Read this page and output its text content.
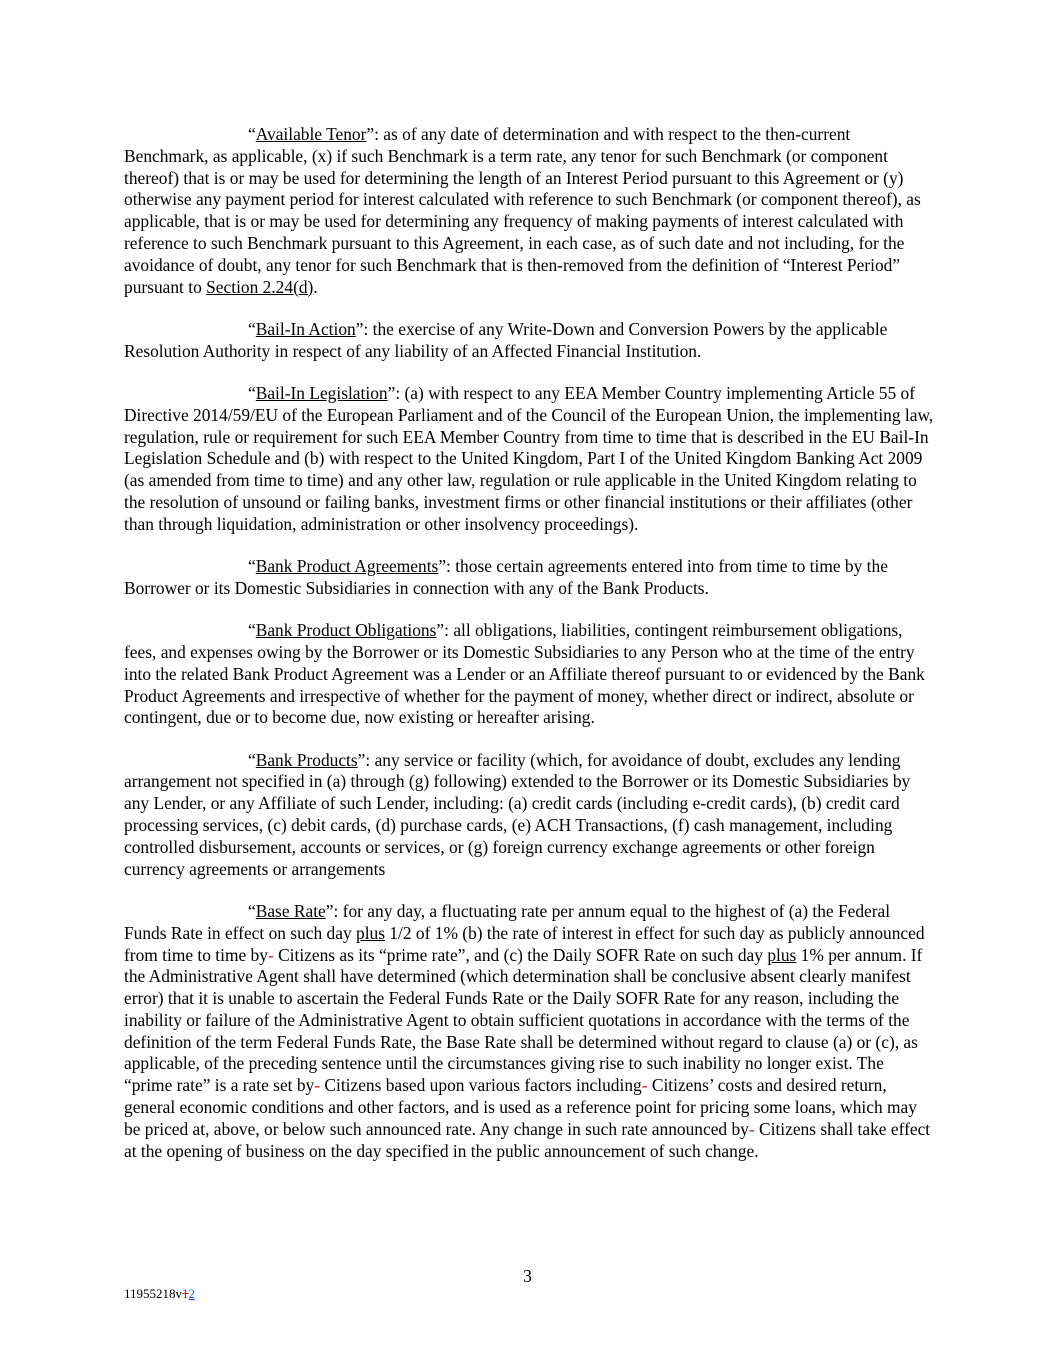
“Available Tenor”: as of any date of determination and with respect to the then-current Benchmark, as applicable, (x) if such Benchmark is a term rate, any tenor for such Benchmark (or component thereof) that is or may be used for determining the length of an Interest Period pursuant to this Agreement or (y) otherwise any payment period for interest calculated with reference to such Benchmark (or component thereof), as applicable, that is or may be used for determining any frequency of making payments of interest calculated with reference to such Benchmark pursuant to this Agreement, in each case, as of such date and not including, for the avoidance of doubt, any tenor for such Benchmark that is then-removed from the definition of “Interest Period” pursuant to Section 2.24(d).

“Bail-In Action”: the exercise of any Write-Down and Conversion Powers by the applicable Resolution Authority in respect of any liability of an Affected Financial Institution.

“Bail-In Legislation”: (a) with respect to any EEA Member Country implementing Article 55 of Directive 2014/59/EU of the European Parliament and of the Council of the European Union, the implementing law, regulation, rule or requirement for such EEA Member Country from time to time that is described in the EU Bail-In Legislation Schedule and (b) with respect to the United Kingdom, Part I of the United Kingdom Banking Act 2009 (as amended from time to time) and any other law, regulation or rule applicable in the United Kingdom relating to the resolution of unsound or failing banks, investment firms or other financial institutions or their affiliates (other than through liquidation, administration or other insolvency proceedings).

“Bank Product Agreements”: those certain agreements entered into from time to time by the Borrower or its Domestic Subsidiaries in connection with any of the Bank Products.

“Bank Product Obligations”: all obligations, liabilities, contingent reimbursement obligations, fees, and expenses owing by the Borrower or its Domestic Subsidiaries to any Person who at the time of the entry into the related Bank Product Agreement was a Lender or an Affiliate thereof pursuant to or evidenced by the Bank Product Agreements and irrespective of whether for the payment of money, whether direct or indirect, absolute or contingent, due or to become due, now existing or hereafter arising.

“Bank Products”: any service or facility (which, for avoidance of doubt, excludes any lending arrangement not specified in (a) through (g) following) extended to the Borrower or its Domestic Subsidiaries by any Lender, or any Affiliate of such Lender, including: (a) credit cards (including e-credit cards), (b) credit card processing services, (c) debit cards, (d) purchase cards, (e) ACH Transactions, (f) cash management, including controlled disbursement, accounts or services, or (g) foreign currency exchange agreements or other foreign currency agreements or arrangements

“Base Rate”: for any day, a fluctuating rate per annum equal to the highest of (a) the Federal Funds Rate in effect on such day plus 1/2 of 1% (b) the rate of interest in effect for such day as publicly announced from time to time by- Citizens as its “prime rate”, and (c) the Daily SOFR Rate on such day plus 1% per annum. If the Administrative Agent shall have determined (which determination shall be conclusive absent clearly manifest error) that it is unable to ascertain the Federal Funds Rate or the Daily SOFR Rate for any reason, including the inability or failure of the Administrative Agent to obtain sufficient quotations in accordance with the terms of the definition of the term Federal Funds Rate, the Base Rate shall be determined without regard to clause (a) or (c), as applicable, of the preceding sentence until the circumstances giving rise to such inability no longer exist. The “prime rate” is a rate set by- Citizens based upon various factors including- Citizens’ costs and desired return, general economic conditions and other factors, and is used as a reference point for pricing some loans, which may be priced at, above, or below such announced rate. Any change in such rate announced by- Citizens shall take effect at the opening of business on the day specified in the public announcement of such change.

3
11955218v12
